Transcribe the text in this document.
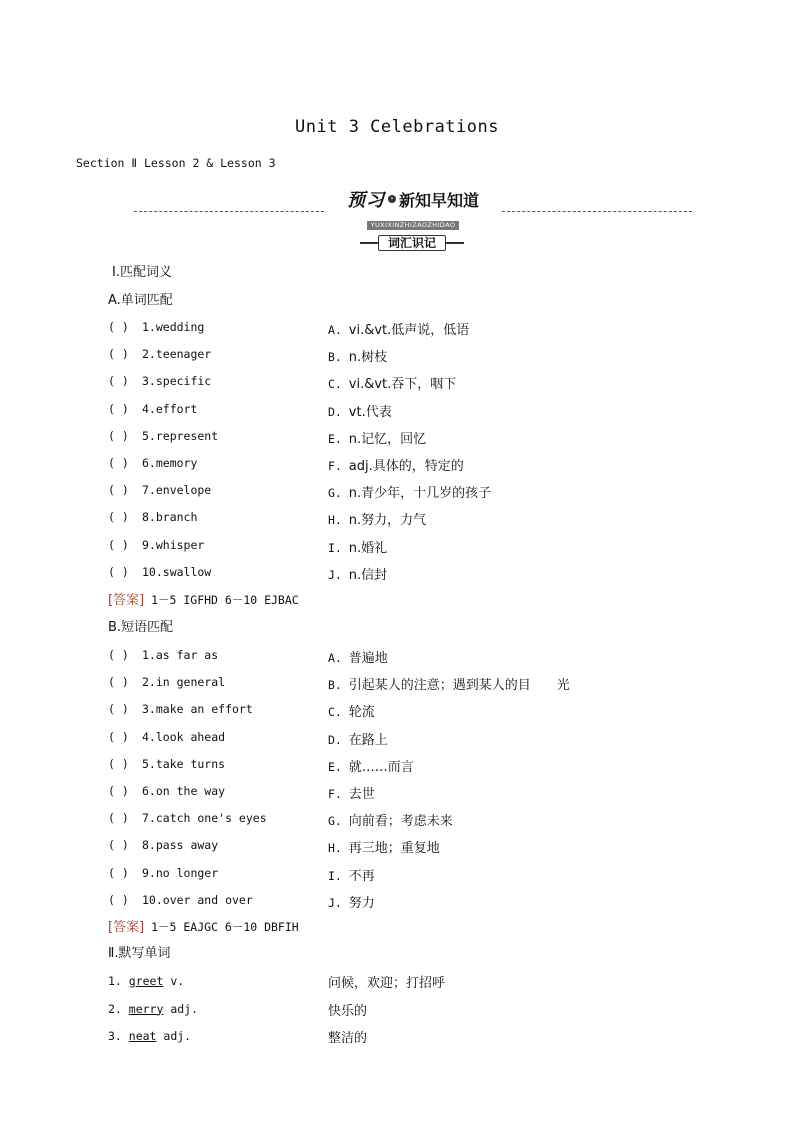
Unit 3 Celebrations
Section Ⅱ Lesson 2 & Lesson 3
预习 › 新知早知道
YUXIXINZHIZAOZHIDAO
词汇识记
Ⅰ.匹配词义
A.单词匹配
( ) 1.wedding	A. vi.&vt.低声说，低语
( ) 2.teenager	B. n.树枝
( ) 3.specific	C. vi.&vt.吞下，咽下
( ) 4.effort	D. vt.代表
( ) 5.represent	E. n.记忆，回忆
( ) 6.memory	F. adj.具体的，特定的
( ) 7.envelope	G. n.青少年，十几岁的孩子
( ) 8.branch	H. n.努力，力气
( ) 9.whisper	I. n.婚礼
( ) 10.swallow	J. n.信封
[答案] 1－5 IGFHD 6－10 EJBAC
B.短语匹配
( ) 1.as far as	A. 普遍地
( ) 2.in general	B. 引起某人的注意；遇到某人的目　　光
( ) 3.make an effort	C. 轮流
( ) 4.look ahead	D. 在路上
( ) 5.take turns	E. 就……而言
( ) 6.on the way	F. 去世
( ) 7.catch one's eyes	G. 向前看；考虑未来
( ) 8.pass away	H. 再三地；重复地
( ) 9.no longer	I. 不再
( ) 10.over and over	J. 努力
[答案] 1－5 EAJGC 6－10 DBFIH
Ⅱ.默写单词
1. greet v.	问候，欢迎；打招呼
2. merry adj.	快乐的
3. neat adj.	整洁的
